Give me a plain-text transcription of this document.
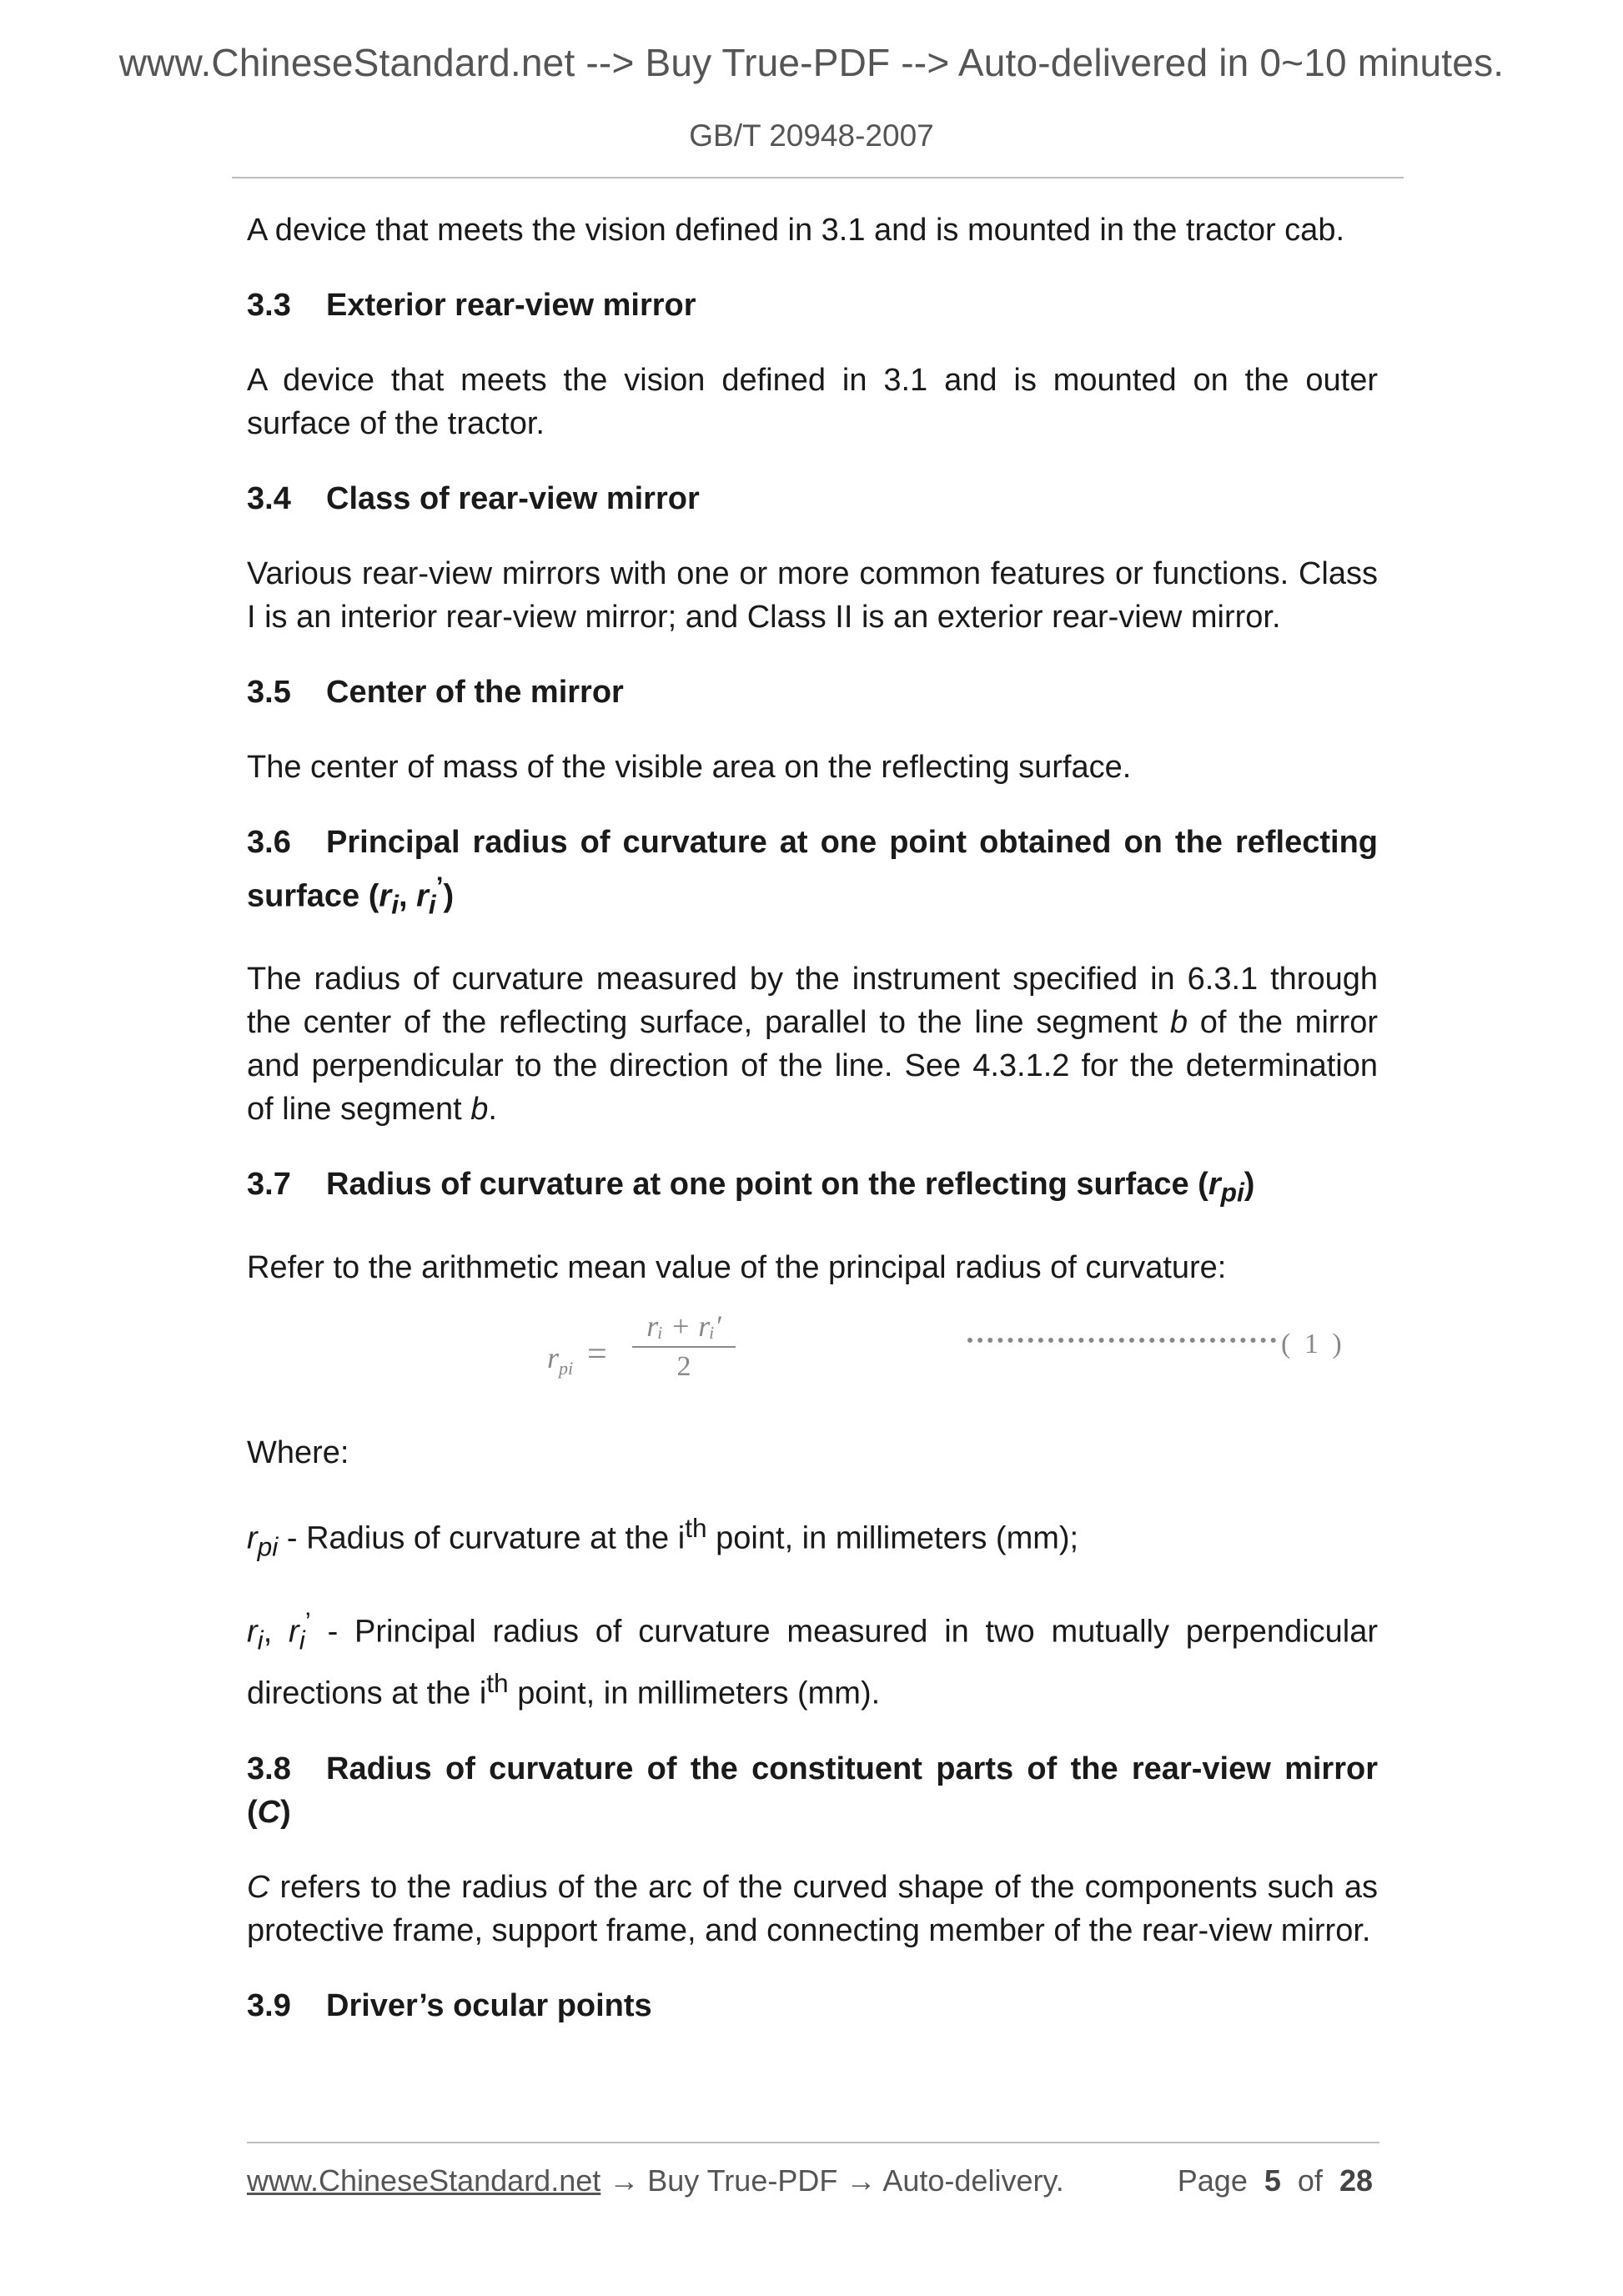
www.ChineseStandard.net --> Buy True-PDF --> Auto-delivered in 0~10 minutes.
GB/T 20948-2007

A device that meets the vision defined in 3.1 and is mounted in the tractor cab.

3.3 Exterior rear-view mirror

A device that meets the vision defined in 3.1 and is mounted on the outer surface of the tractor.

3.4 Class of rear-view mirror

Various rear-view mirrors with one or more common features or functions. Class I is an interior rear-view mirror; and Class II is an exterior rear-view mirror.

3.5 Center of the mirror

The center of mass of the visible area on the reflecting surface.

3.6 Principal radius of curvature at one point obtained on the reflecting surface ($r_i$, $r_i^’$)

The radius of curvature measured by the instrument specified in 6.3.1 through the center of the reflecting surface, parallel to the line segment b of the mirror and perpendicular to the direction of the line. See 4.3.1.2 for the determination of line segment b.

3.7 Radius of curvature at one point on the reflecting surface $(r_{pi})$

Refer to the arithmetic mean value of the principal radius of curvature:

$r_{pi} = \frac{\text{rᵢ + rᵢ′}}{2}$	( 1 )

Where:

$r_{pi}$ - Radius of curvature at the $i^{th}$ point, in millimeters (mm);

$r_i$, $r_i^’$ - Principal radius of curvature measured in two mutually perpendicular directions at the $i^{th}$ point, in millimeters (mm).

3.8 Radius of curvature of the constituent parts of the rear-view mirror (C)

C refers to the radius of the arc of the curved shape of the components such as protective frame, support frame, and connecting member of the rear-view mirror.

3.9 Driver’s ocular points
www.ChineseStandard.net → Buy True-PDF → Auto-delivery.	Page 5 of 28
